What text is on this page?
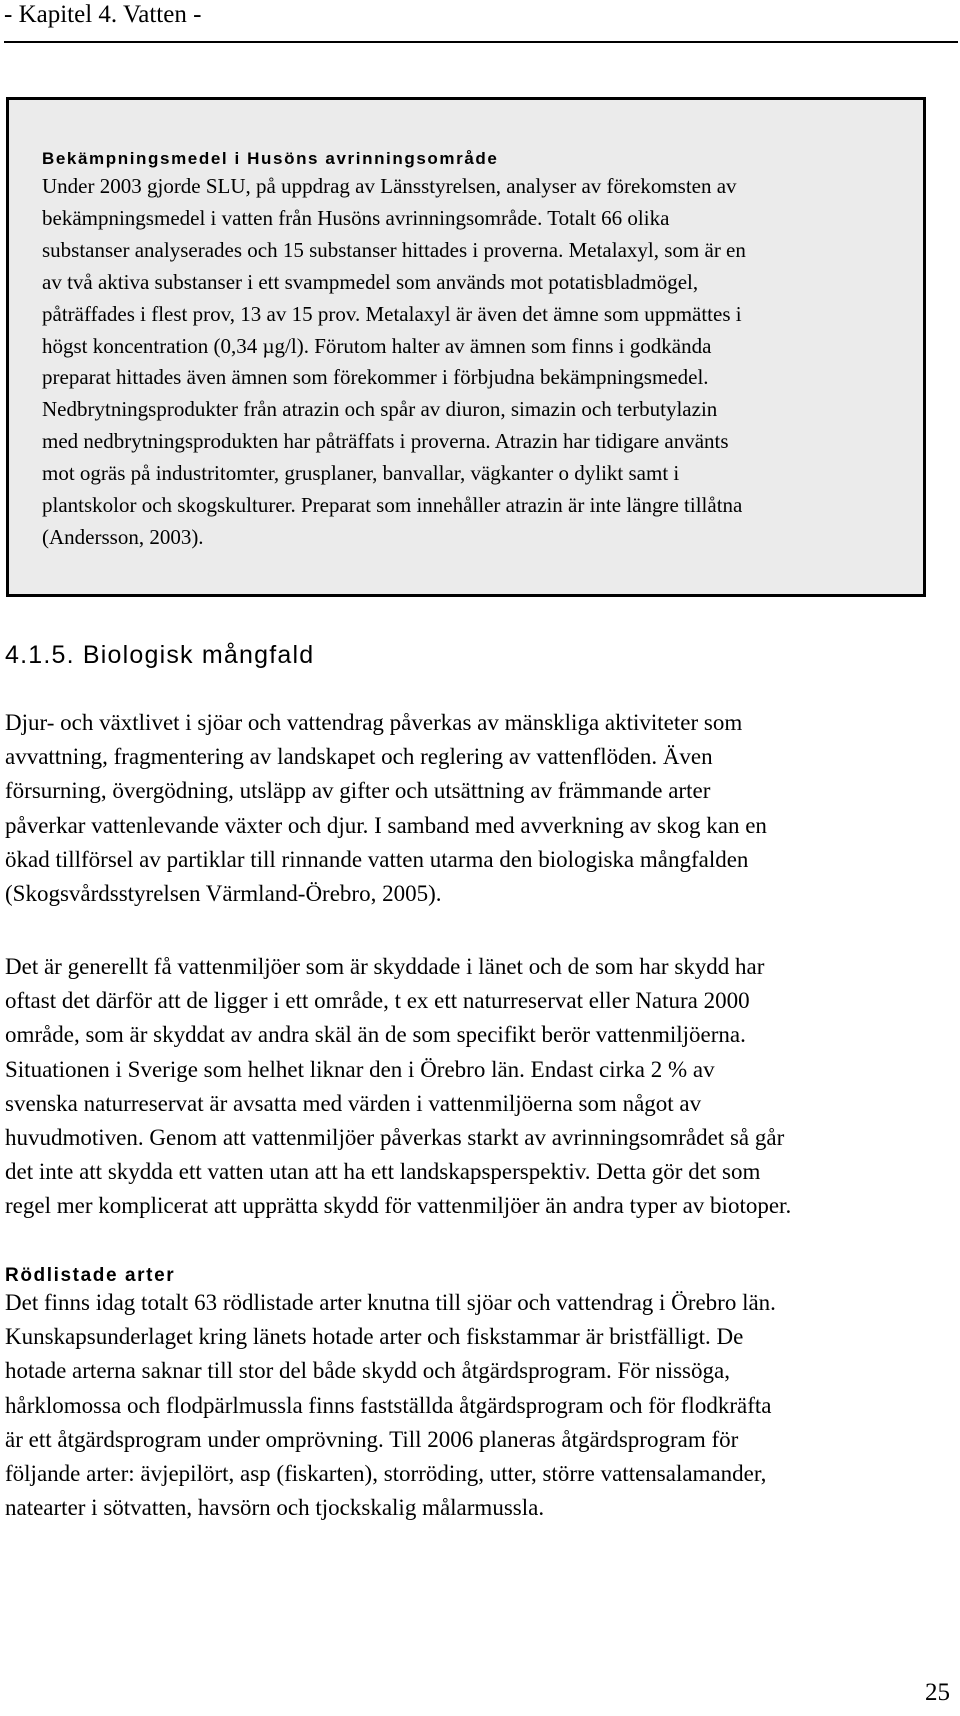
- Kapitel 4. Vatten -
Bekämpningsmedel i Husöns avrinningsområde

Under 2003 gjorde SLU, på uppdrag av Länsstyrelsen, analyser av förekomsten av
bekämpningsmedel i vatten från Husöns avrinningsområde. Totalt 66 olika
substanser analyserades och 15 substanser hittades i proverna. Metalaxyl, som är en
av två aktiva substanser i ett svampmedel som används mot potatisbladmögel,
påträffades i flest prov, 13 av 15 prov. Metalaxyl är även det ämne som uppmättes i
högst koncentration (0,34 µg/l). Förutom halter av ämnen som finns i godkända
preparat hittades även ämnen som förekommer i förbjudna bekämpningsmedel.
Nedbrytningsprodukter från atrazin och spår av diuron, simazin och terbutylazin
med nedbrytningsprodukten har påträffats i proverna. Atrazin har tidigare använts
mot ogräs på industritomter, grusplaner, banvallar, vägkanter o dylikt samt i
plantskolor och skogskulturer. Preparat som innehåller atrazin är inte längre tillåtna
(Andersson, 2003).

4.1.5. Biologisk mångfald

Djur- och växtlivet i sjöar och vattendrag påverkas av mänskliga aktiviteter som
avvattning, fragmentering av landskapet och reglering av vattenflöden. Även
försurning, övergödning, utsläpp av gifter och utsättning av främmande arter
påverkar vattenlevande växter och djur. I samband med avverkning av skog kan en
ökad tillförsel av partiklar till rinnande vatten utarma den biologiska mångfalden
(Skogsvårdsstyrelsen Värmland-Örebro, 2005).

Det är generellt få vattenmiljöer som är skyddade i länet och de som har skydd har
oftast det därför att de ligger i ett område, t ex ett naturreservat eller Natura 2000
område, som är skyddat av andra skäl än de som specifikt berör vattenmiljöerna.
Situationen i Sverige som helhet liknar den i Örebro län. Endast cirka 2 % av
svenska naturreservat är avsatta med värden i vattenmiljöerna som något av
huvudmotiven. Genom att vattenmiljöer påverkas starkt av avrinningsområdet så går
det inte att skydda ett vatten utan att ha ett landskapsperspektiv. Detta gör det som
regel mer komplicerat att upprätta skydd för vattenmiljöer än andra typer av biotoper.

Rödlistade arter

Det finns idag totalt 63 rödlistade arter knutna till sjöar och vattendrag i Örebro län.
Kunskapsunderlaget kring länets hotade arter och fiskstammar är bristfälligt. De
hotade arterna saknar till stor del både skydd och åtgärdsprogram. För nissöga,
hårklomossa och flodpärlmussla finns fastställda åtgärdsprogram och för flodkräfta
är ett åtgärdsprogram under omprövning. Till 2006 planeras åtgärdsprogram för
följande arter: ävjepilört, asp (fiskarten), storröding, utter, större vattensalamander,
natearter i sötvatten, havsörn och tjockskalig målarmussla.

25
